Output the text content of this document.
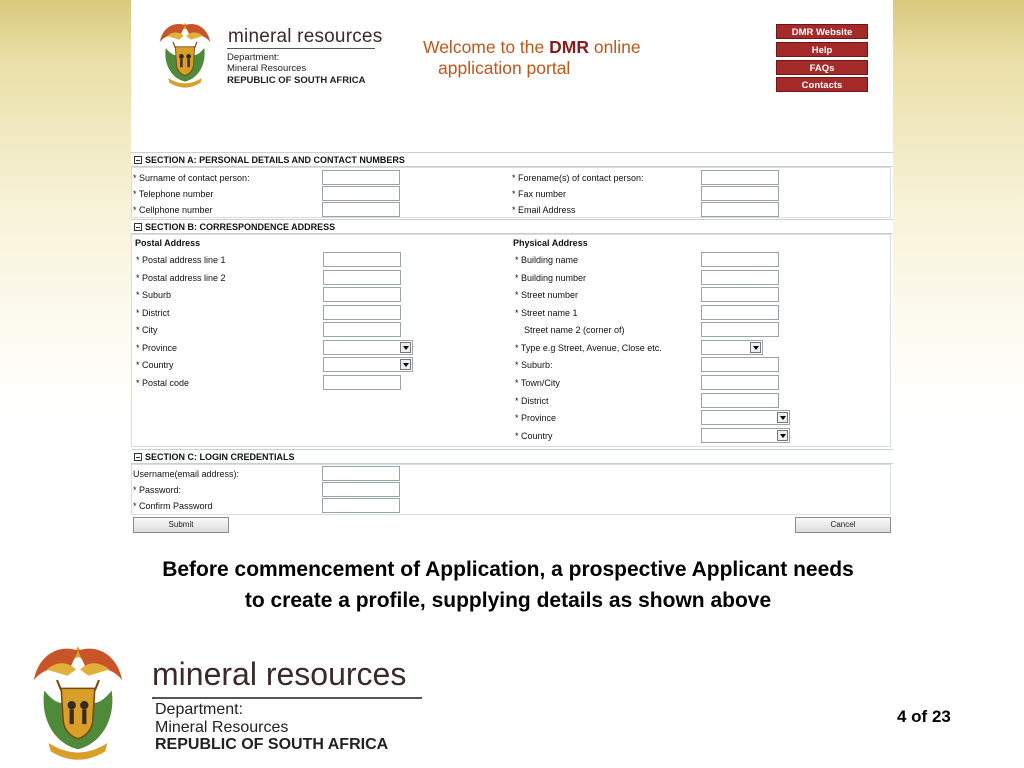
mineral resources
Department:
Mineral Resources
REPUBLIC OF SOUTH AFRICA
Welcome to the DMR online
application portal
DMR Website
Help
FAQs
Contacts
SECTION A: PERSONAL DETAILS AND CONTACT NUMBERS
* Surname of contact person:
* Telephone number
* Cellphone number
* Forename(s) of contact person:
* Fax number
* Email Address
SECTION B: CORRESPONDENCE ADDRESS
Postal Address	Physical Address
* Postal address line 1
* Postal address line 2
* Suburb
* District
* City
* Province
* Country
* Postal code
* Building name
* Building number
* Street number
* Street name 1
Street name 2 (corner of)
* Type e.g Street, Avenue, Close etc.
* Suburb:
* Town/City
* District
* Province
* Country
SECTION C: LOGIN CREDENTIALS
Username(email address):
* Password:
* Confirm Password
Submit	Cancel
Before commencement of Application, a prospective Applicant needs to create a profile, supplying details as shown above
mineral resources
Department:
Mineral Resources
REPUBLIC OF SOUTH AFRICA
4 of 23
